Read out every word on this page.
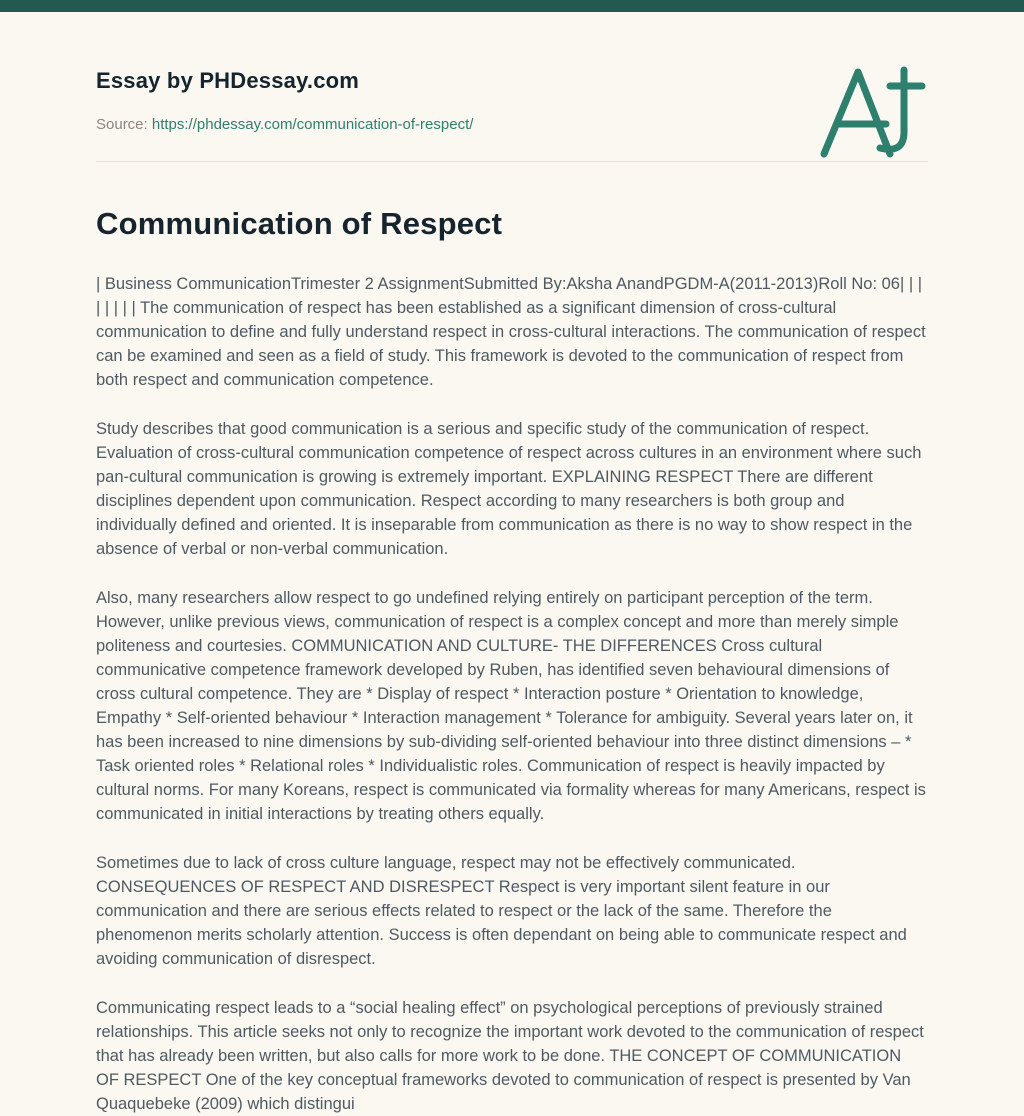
Essay by PHDessay.com
Source: https://phdessay.com/communication-of-respect/
Communication of Respect

| Business CommunicationTrimester 2 AssignmentSubmitted By:Aksha AnandPGDM-A(2011-2013)Roll No: 06| | | | | | | | The communication of respect has been established as a significant dimension of cross-cultural communication to define and fully understand respect in cross-cultural interactions. The communication of respect can be examined and seen as a field of study. This framework is devoted to the communication of respect from both respect and communication competence.

Study describes that good communication is a serious and specific study of the communication of respect. Evaluation of cross-cultural communication competence of respect across cultures in an environment where such pan-cultural communication is growing is extremely important. EXPLAINING RESPECT There are different disciplines dependent upon communication. Respect according to many researchers is both group and individually defined and oriented. It is inseparable from communication as there is no way to show respect in the absence of verbal or non-verbal communication.

Also, many researchers allow respect to go undefined relying entirely on participant perception of the term. However, unlike previous views, communication of respect is a complex concept and more than merely simple politeness and courtesies. COMMUNICATION AND CULTURE- THE DIFFERENCES Cross cultural communicative competence framework developed by Ruben, has identified seven behavioural dimensions of cross cultural competence. They are * Display of respect * Interaction posture * Orientation to knowledge, Empathy * Self-oriented behaviour * Interaction management * Tolerance for ambiguity. Several years later on, it has been increased to nine dimensions by sub-dividing self-oriented behaviour into three distinct dimensions – * Task oriented roles * Relational roles * Individualistic roles. Communication of respect is heavily impacted by cultural norms. For many Koreans, respect is communicated via formality whereas for many Americans, respect is communicated in initial interactions by treating others equally.

Sometimes due to lack of cross culture language, respect may not be effectively communicated. CONSEQUENCES OF RESPECT AND DISRESPECT Respect is very important silent feature in our communication and there are serious effects related to respect or the lack of the same. Therefore the phenomenon merits scholarly attention. Success is often dependant on being able to communicate respect and avoiding communication of disrespect.

Communicating respect leads to a “social healing effect” on psychological perceptions of previously strained relationships. This article seeks not only to recognize the important work devoted to the communication of respect that has already been written, but also calls for more work to be done. THE CONCEPT OF COMMUNICATION OF RESPECT One of the key conceptual frameworks devoted to communication of respect is presented by Van Quaquebeke (2009) which distingui
